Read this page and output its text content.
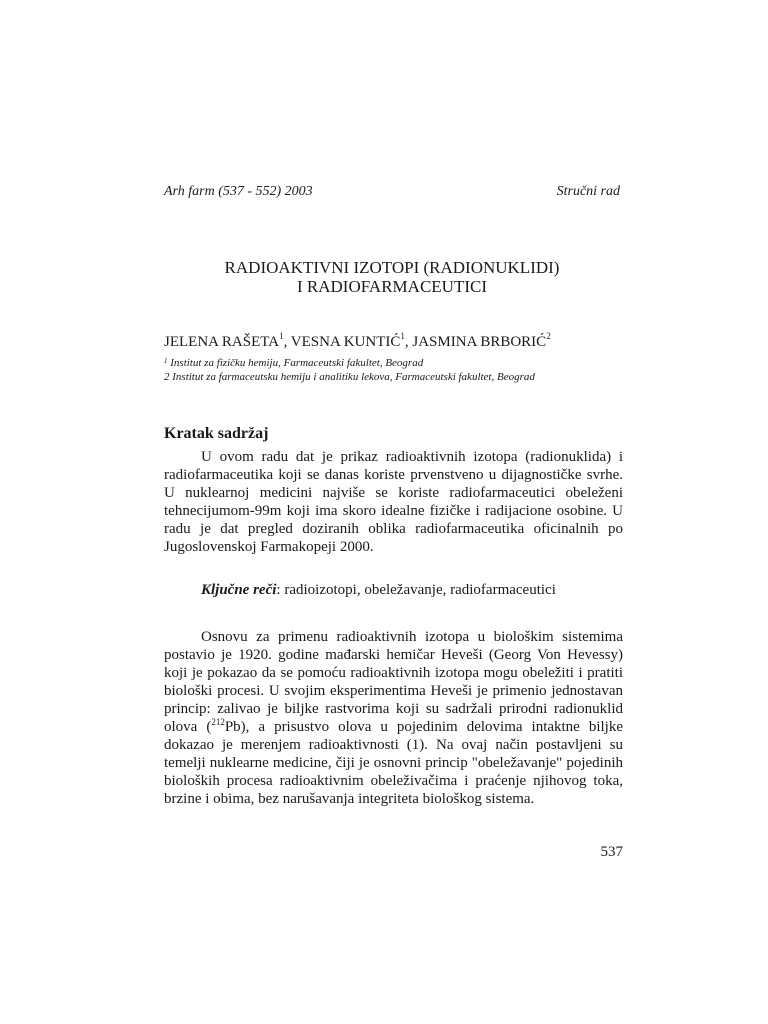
Arh farm (537 - 552) 2003	Stručni rad
RADIOAKTIVNI IZOTOPI (RADIONUKLIDI)
I RADIOFARMACEUTICI
JELENA RAŠETA$^1$, VESNA KUNTIĆ$^1$, JASMINA BRBORIĆ$^2$
$^1$ Institut za fizičku hemiju, Farmaceutski fakultet, Beograd
2 Institut za farmaceutsku hemiju i analitiku lekova, Farmaceutski fakultet, Beograd
Kratak sadržaj

U ovom radu dat je prikaz radioaktivnih izotopa (radionuklida) i radiofarmaceutika koji se danas koriste prvenstveno u dijagnostičke svrhe. U nuklearnoj medicini najviše se koriste radiofarmaceutici obeleženi tehnecijumom-99m koji ima skoro idealne fizičke i radijacione osobine. U radu je dat pregled doziranih oblika radiofarmaceutika oficinalnih po Jugoslovenskoj Farmakopeji 2000.

Ključne reči: radioizotopi, obeležavanje, radiofarmaceutici

Osnovu za primenu radioaktivnih izotopa u biološkim sistemima postavio je 1920. godine mađarski hemičar Heveši (Georg Von Hevessy) koji je pokazao da se pomoću radioaktivnih izotopa mogu obeležiti i pratiti biološki procesi. U svojim eksperimentima Heveši je primenio jednostavan princip: zalivao je biljke rastvorima koji su sadržali prirodni radionuklid olova ($^{212}$Pb), a prisustvo olova u pojedinim delovima intaktne biljke dokazao je merenjem radioaktivnosti (1). Na ovaj način postavljeni su temelji nuklearne medicine, čiji je osnovni princip "obeležavanje" pojedinih bioloških procesa radioaktivnim obeleživačima i praćenje njihovog toka, brzine i obima, bez narušavanja integriteta biološkog sistema.

537
